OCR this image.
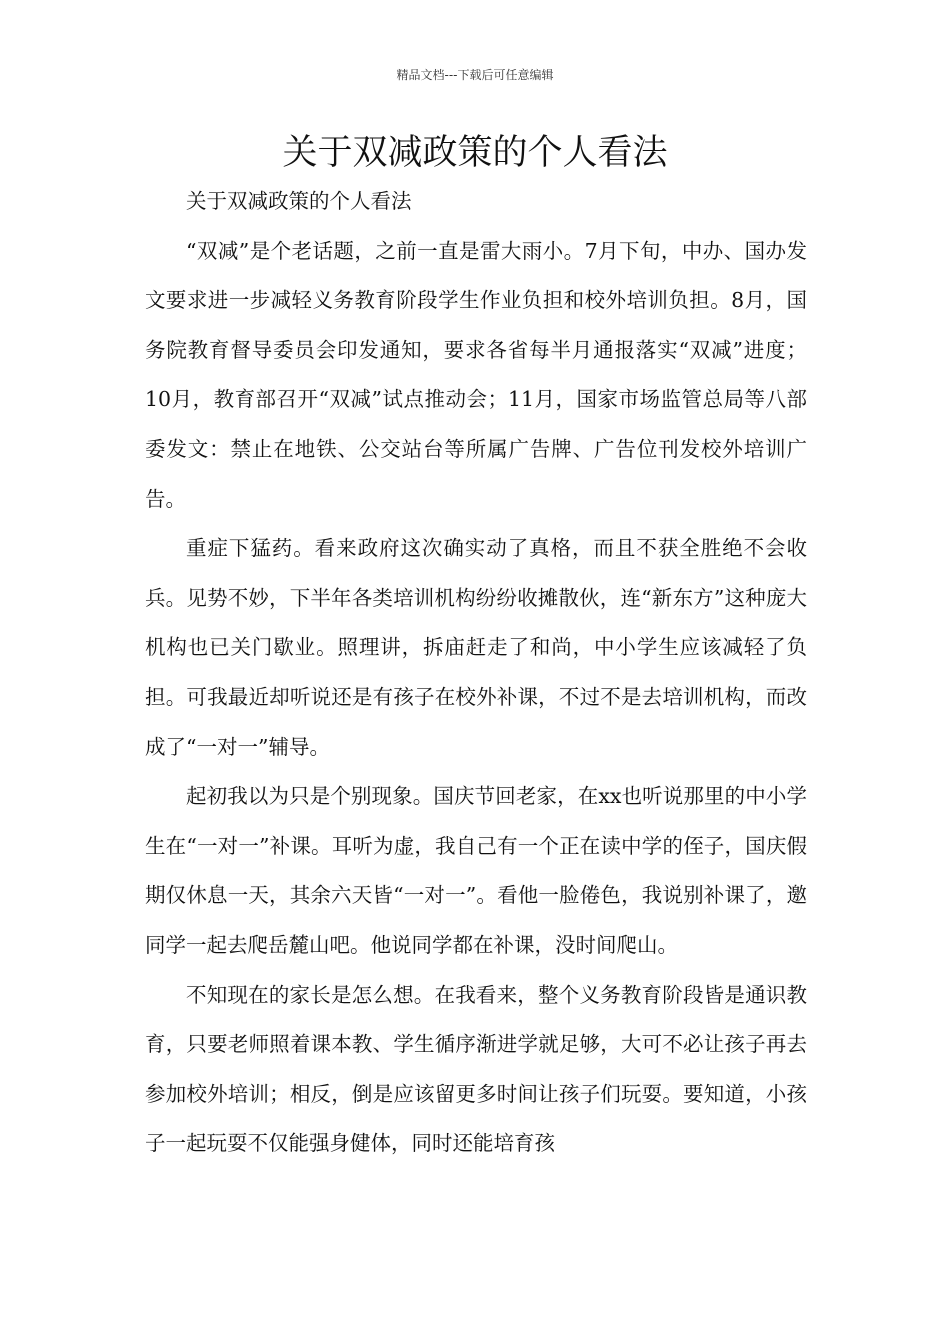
精品文档---下载后可任意编辑
关于双减政策的个人看法

关于双减政策的个人看法

“双减”是个老话题，之前一直是雷大雨小。7月下旬，中办、国办发文要求进一步减轻义务教育阶段学生作业负担和校外培训负担。8月，国务院教育督导委员会印发通知，要求各省每半月通报落实“双减”进度；10月，教育部召开“双减”试点推动会；11月，国家市场监管总局等八部委发文：禁止在地铁、公交站台等所属广告牌、广告位刊发校外培训广告。

重症下猛药。看来政府这次确实动了真格，而且不获全胜绝不会收兵。见势不妙，下半年各类培训机构纷纷收摊散伙，连“新东方”这种庞大机构也已关门歇业。照理讲，拆庙赶走了和尚，中小学生应该减轻了负担。可我最近却听说还是有孩子在校外补课，不过不是去培训机构，而改成了“一对一”辅导。

起初我以为只是个别现象。国庆节回老家，在xx也听说那里的中小学生在“一对一”补课。耳听为虚，我自己有一个正在读中学的侄子，国庆假期仅休息一天，其余六天皆“一对一”。看他一脸倦色，我说别补课了，邀同学一起去爬岳麓山吧。他说同学都在补课，没时间爬山。

不知现在的家长是怎么想。在我看来，整个义务教育阶段皆是通识教育，只要老师照着课本教、学生循序渐进学就足够，大可不必让孩子再去参加校外培训；相反，倒是应该留更多时间让孩子们玩耍。要知道，小孩子一起玩耍不仅能强身健体，同时还能培育孩
